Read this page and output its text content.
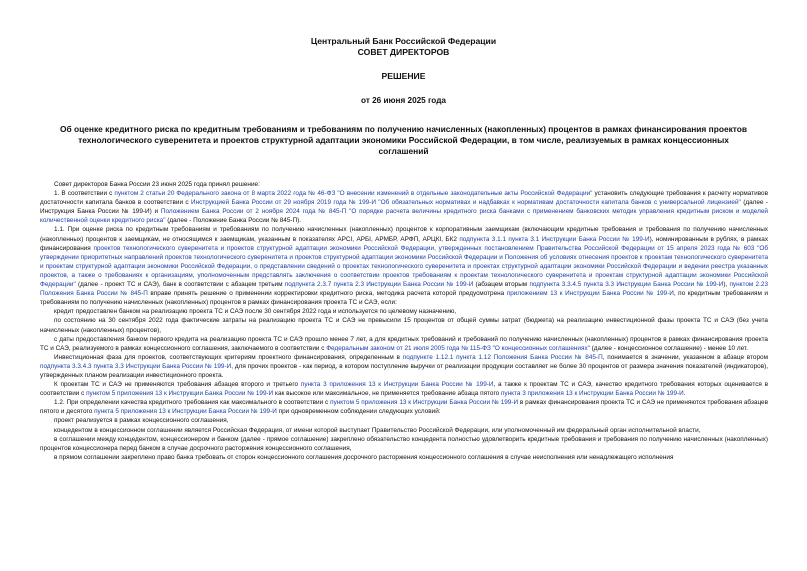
Центральный Банк Российской Федерации
СОВЕТ ДИРЕКТОРОВ
РЕШЕНИЕ
от 26 июня 2025 года
Об оценке кредитного риска по кредитным требованиям и требованиям по получению начисленных (накопленных) процентов в рамках финансирования проектов технологического суверенитета и проектов структурной адаптации экономики Российской Федерации, в том числе, реализуемых в рамках концессионных соглашений

Совет директоров Банка России 23 июня 2025 года принял решение:

1. В соответствии с пунктом 2 статьи 20 Федерального закона от 8 марта 2022 года № 46-ФЗ "О внесении изменений в отдельные законодательные акты Российской Федерации" установить следующие требования к расчету нормативов достаточности капитала банков в соответствии с Инструкцией Банка России от 29 ноября 2019 года № 199-И "Об обязательных нормативах и надбавках к нормативам достаточности капитала банков с универсальной лицензией" (далее - Инструкция Банка России № 199-И) и Положением Банка России от 2 ноября 2024 года № 845-П "О порядке расчета величины кредитного риска банками с применением банковских методик управления кредитным риском и моделей количественной оценки кредитного риска" (далее - Положение Банка России № 845-П).

1.1. При оценке риска по кредитным требованиям и требованиям по получению начисленных (накопленных) процентов к корпоративным заемщикам (включающим кредитные требования и требования по получению начисленных (накопленных) процентов к заемщикам, не относящимся к заемщикам, указанным в показателях АРСI, АРБI, АРМБР, АРФП, АРЦКI, БК2 подпункта 3.1.1 пункта 3.1 Инструкции Банка России № 199-И), номинированным в рублях, в рамках финансирования проектов технологического суверенитета и проектов структурной адаптации экономики Российской Федерации, утвержденных постановлением Правительства Российской Федерации от 15 апреля 2023 года № 603 "Об утверждении приоритетных направлений проектов технологического суверенитета и проектов структурной адаптации экономики Российской Федерации и Положения об условиях отнесения проектов к проектам технологического суверенитета и проектам структурной адаптации экономики Российской Федерации, о представлении сведений о проектах технологического суверенитета и проектах структурной адаптации экономики Российской Федерации и ведении реестра указанных проектов, а также о требованиях к организациям, уполномоченным представлять заключения о соответствии проектов требованиям к проектам технологического суверенитета и проектам структурной адаптации экономики Российской Федерации" (далее - проект ТС и САЭ), банк в соответствии с абзацем третьим подпункта 2.3.7 пункта 2.3 Инструкции Банка России № 199-И (абзацем вторым подпункта 3.3.4.5 пункта 3.3 Инструкции Банка России № 199-И), пунктом 2.23 Положения Банка России № 845-П вправе принять решение о применении корректировки кредитного риска, методика расчета которой предусмотрена приложением 13 к Инструкции Банка России № 199-И, по кредитным требованиям и требованиям по получению начисленных (накопленных) процентов в рамках финансирования проекта ТС и САЭ, если:

кредит предоставлен банком на реализацию проекта ТС и САЭ после 30 сентября 2022 года и используется по целевому назначению,

по состоянию на 30 сентября 2022 года фактические затраты на реализацию проекта ТС и САЭ не превысили 15 процентов от общей суммы затрат (бюджета) на реализацию инвестиционной фазы проекта ТС и САЭ (без учета начисленных (накопленных) процентов),

с даты предоставления банком первого кредита на реализацию проекта ТС и САЭ прошло менее 7 лет, а для кредитных требований и требований по получению начисленных (накопленных) процентов в рамках финансирования проекта ТС и САЭ, реализуемого в рамках концессионного соглашения, заключаемого в соответствии с Федеральным законом от 21 июля 2005 года № 115-ФЗ "О концессионных соглашениях" (далее - концессионное соглашение) - менее 10 лет.

Инвестиционная фаза для проектов, соответствующих критериям проектного финансирования, определенным в подпункте 1.12.1 пункта 1.12 Положения Банка России № 845-П, понимается в значении, указанном в абзаце втором подпункта 3.3.4.3 пункта 3.3 Инструкции Банка России № 199-И, для прочих проектов - как период, в котором поступление выручки от реализации продукции составляет не более 30 процентов от размера значения показателей (индикаторов), утвержденных планом реализации инвестиционного проекта.

К проектам ТС и САЭ не применяются требования абзацев второго и третьего пункта 3 приложения 13 к Инструкции Банка России № 199-И, а также к проектам ТС и САЭ, качество кредитного требования которых оценивается в соответствии с пунктом 5 приложения 13 к Инструкции Банка России № 199-И как высокое или максимальное, не применяется требование абзаца пятого пункта 3 приложения 13 к Инструкции Банка России № 199-И.

1.2. При определении качества кредитного требования как максимального в соответствии с пунктом 5 приложения 13 к Инструкции Банка России № 199-И в рамках финансирования проекта ТС и САЭ не применяются требования абзацев пятого и десятого пункта 5 приложения 13 к Инструкции Банка России № 199-И при одновременном соблюдении следующих условий:

проект реализуется в рамках концессионного соглашения,

концедентом в концессионном соглашении является Российская Федерация, от имени которой выступает Правительство Российской Федерации, или уполномоченный им федеральный орган исполнительной власти,

в соглашении между концедентом, концессионером и банком (далее - прямое соглашение) закреплено обязательство концедента полностью удовлетворить кредитные требования и требования по получению начисленных (накопленных) процентов концессионера перед банком в случае досрочного расторжения концессионного соглашения,

в прямом соглашении закреплено право банка требовать от сторон концессионного соглашения досрочного расторжения концессионного соглашения в случае неисполнения или ненадлежащего исполнения
